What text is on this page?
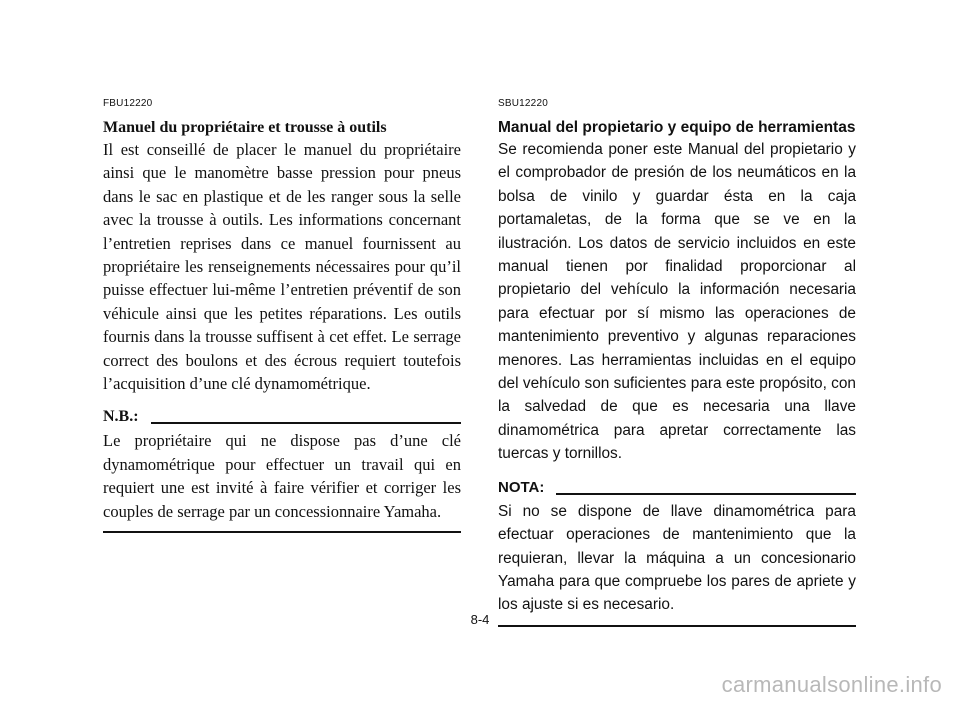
FBU12220
Manuel du propriétaire et trousse à outils

Il est conseillé de placer le manuel du propriétaire ainsi que le manomètre basse pression pour pneus dans le sac en plastique et de les ranger sous la selle avec la trousse à outils. Les informations concernant l’entretien reprises dans ce manuel fournissent au propriétaire les renseignements nécessaires pour qu’il puisse effectuer lui-même l’entretien préventif de son véhicule ainsi que les petites réparations. Les outils fournis dans la trousse suffisent à cet effet. Le serrage correct des boulons et des écrous requiert toutefois l’acquisition d’une clé dynamométrique.

N.B.:

Le propriétaire qui ne dispose pas d’une clé dynamométrique pour effectuer un travail qui en requiert une est invité à faire vérifier et corriger les couples de serrage par un concessionnaire Yamaha.

SBU12220
Manual del propietario y equipo de herramientas

Se recomienda poner este Manual del propietario y el comprobador de presión de los neumáticos en la bolsa de vinilo y guardar ésta en la caja portamaletas, de la forma que se ve en la ilustración. Los datos de servicio incluidos en este manual tienen por finalidad proporcionar al propietario del vehículo la información necesaria para efectuar por sí mismo las operaciones de mantenimiento preventivo y algunas reparaciones menores. Las herramientas incluidas en el equipo del vehículo son suficientes para este propósito, con la salvedad de que es necesaria una llave dinamométrica para apretar correctamente las tuercas y tornillos.

NOTA:

Si no se dispone de llave dinamométrica para efectuar operaciones de mantenimiento que la requieran, llevar la máquina a un concesionario Yamaha para que compruebe los pares de apriete y los ajuste si es necesario.

8-4
carmanualsonline.info
